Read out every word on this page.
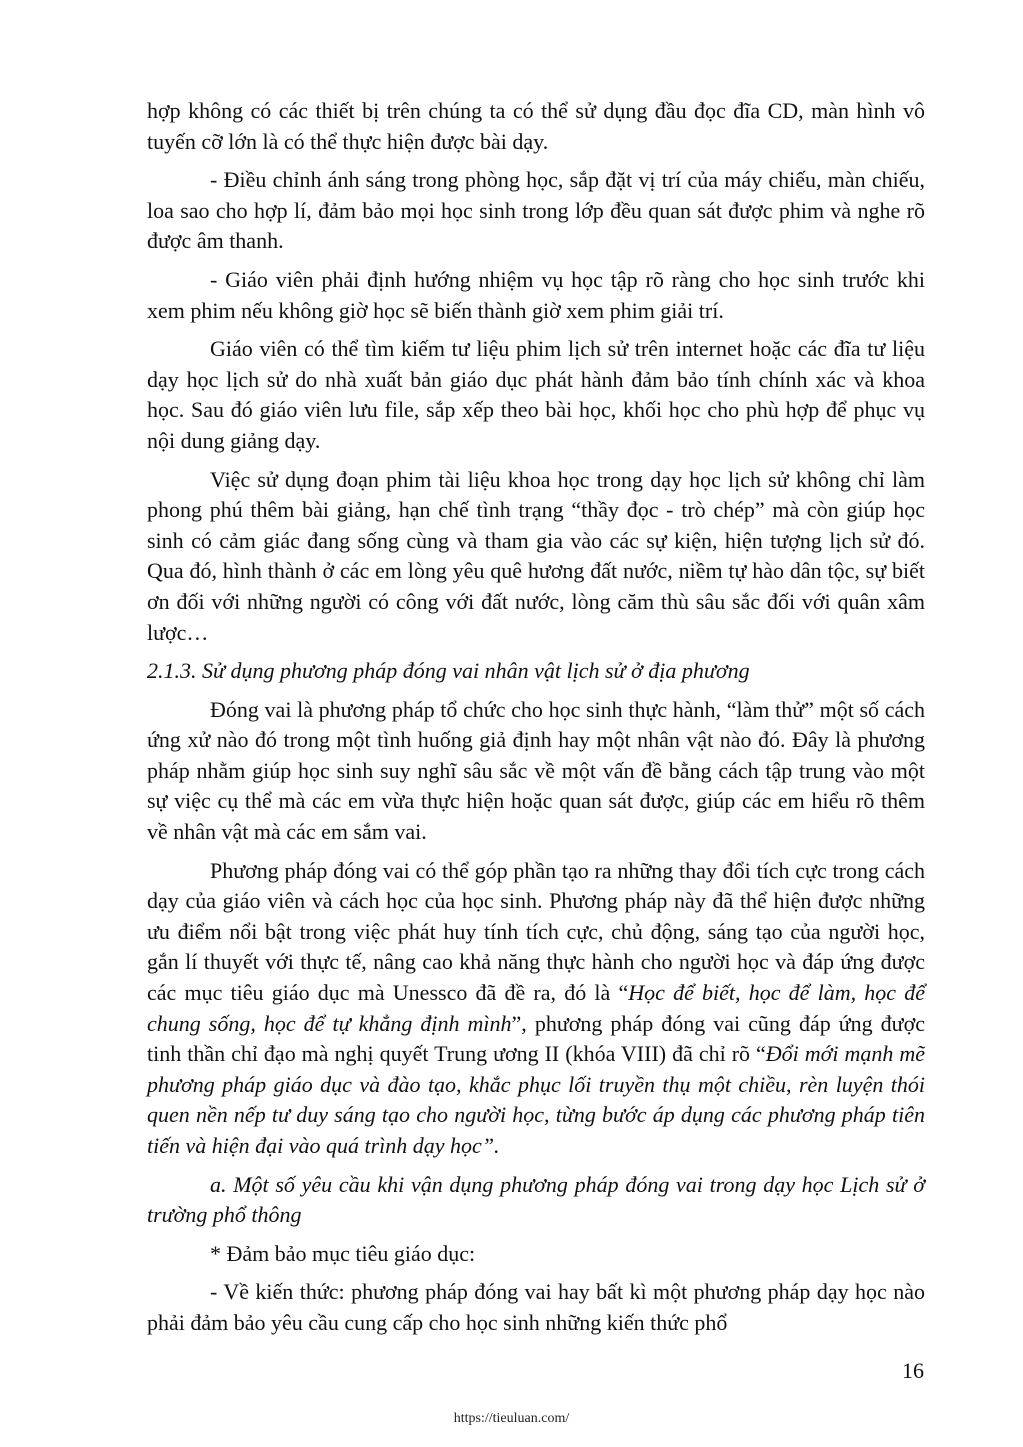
hợp không có các thiết bị trên chúng ta có thể sử dụng đầu đọc đĩa CD, màn hình vô tuyến cỡ lớn là có thể thực hiện được bài dạy.

- Điều chỉnh ánh sáng trong phòng học, sắp đặt vị trí của máy chiếu, màn chiếu, loa sao cho hợp lí, đảm bảo mọi học sinh trong lớp đều quan sát được phim và nghe rõ được âm thanh.

- Giáo viên phải định hướng nhiệm vụ học tập rõ ràng cho học sinh trước khi xem phim nếu không giờ học sẽ biến thành giờ xem phim giải trí.

Giáo viên có thể tìm kiếm tư liệu phim lịch sử trên internet hoặc các đĩa tư liệu dạy học lịch sử do nhà xuất bản giáo dục phát hành đảm bảo tính chính xác và khoa học. Sau đó giáo viên lưu file, sắp xếp theo bài học, khối học cho phù hợp để phục vụ nội dung giảng dạy.

Việc sử dụng đoạn phim tài liệu khoa học trong dạy học lịch sử không chỉ làm phong phú thêm bài giảng, hạn chế tình trạng “thầy đọc - trò chép” mà còn giúp học sinh có cảm giác đang sống cùng và tham gia vào các sự kiện, hiện tượng lịch sử đó. Qua đó, hình thành ở các em lòng yêu quê hương đất nước, niềm tự hào dân tộc, sự biết ơn đối với những người có công với đất nước, lòng căm thù sâu sắc đối với quân xâm lược…

2.1.3. Sử dụng phương pháp đóng vai nhân vật lịch sử ở địa phương

Đóng vai là phương pháp tổ chức cho học sinh thực hành, “làm thử” một số cách ứng xử nào đó trong một tình huống giả định hay một nhân vật nào đó. Đây là phương pháp nhằm giúp học sinh suy nghĩ sâu sắc về một vấn đề bằng cách tập trung vào một sự việc cụ thể mà các em vừa thực hiện hoặc quan sát được, giúp các em hiểu rõ thêm về nhân vật mà các em sắm vai.

Phương pháp đóng vai có thể góp phần tạo ra những thay đổi tích cực trong cách dạy của giáo viên và cách học của học sinh. Phương pháp này đã thể hiện được những ưu điểm nổi bật trong việc phát huy tính tích cực, chủ động, sáng tạo của người học, gắn lí thuyết với thực tế, nâng cao khả năng thực hành cho người học và đáp ứng được các mục tiêu giáo dục mà Unessco đã đề ra, đó là “Học để biết, học để làm, học để chung sống, học để tự khẳng định mình”, phương pháp đóng vai cũng đáp ứng được tinh thần chỉ đạo mà nghị quyết Trung ương II (khóa VIII) đã chỉ rõ “Đổi mới mạnh mẽ phương pháp giáo dục và đào tạo, khắc phục lối truyền thụ một chiều, rèn luyện thói quen nền nếp tư duy sáng tạo cho người học, từng bước áp dụng các phương pháp tiên tiến và hiện đại vào quá trình dạy học”.

a. Một số yêu cầu khi vận dụng phương pháp đóng vai trong dạy học Lịch sử ở trường phổ thông

* Đảm bảo mục tiêu giáo dục:

- Về kiến thức: phương pháp đóng vai hay bất kì một phương pháp dạy học nào phải đảm bảo yêu cầu cung cấp cho học sinh những kiến thức phổ

16
https://tieuluan.com/
